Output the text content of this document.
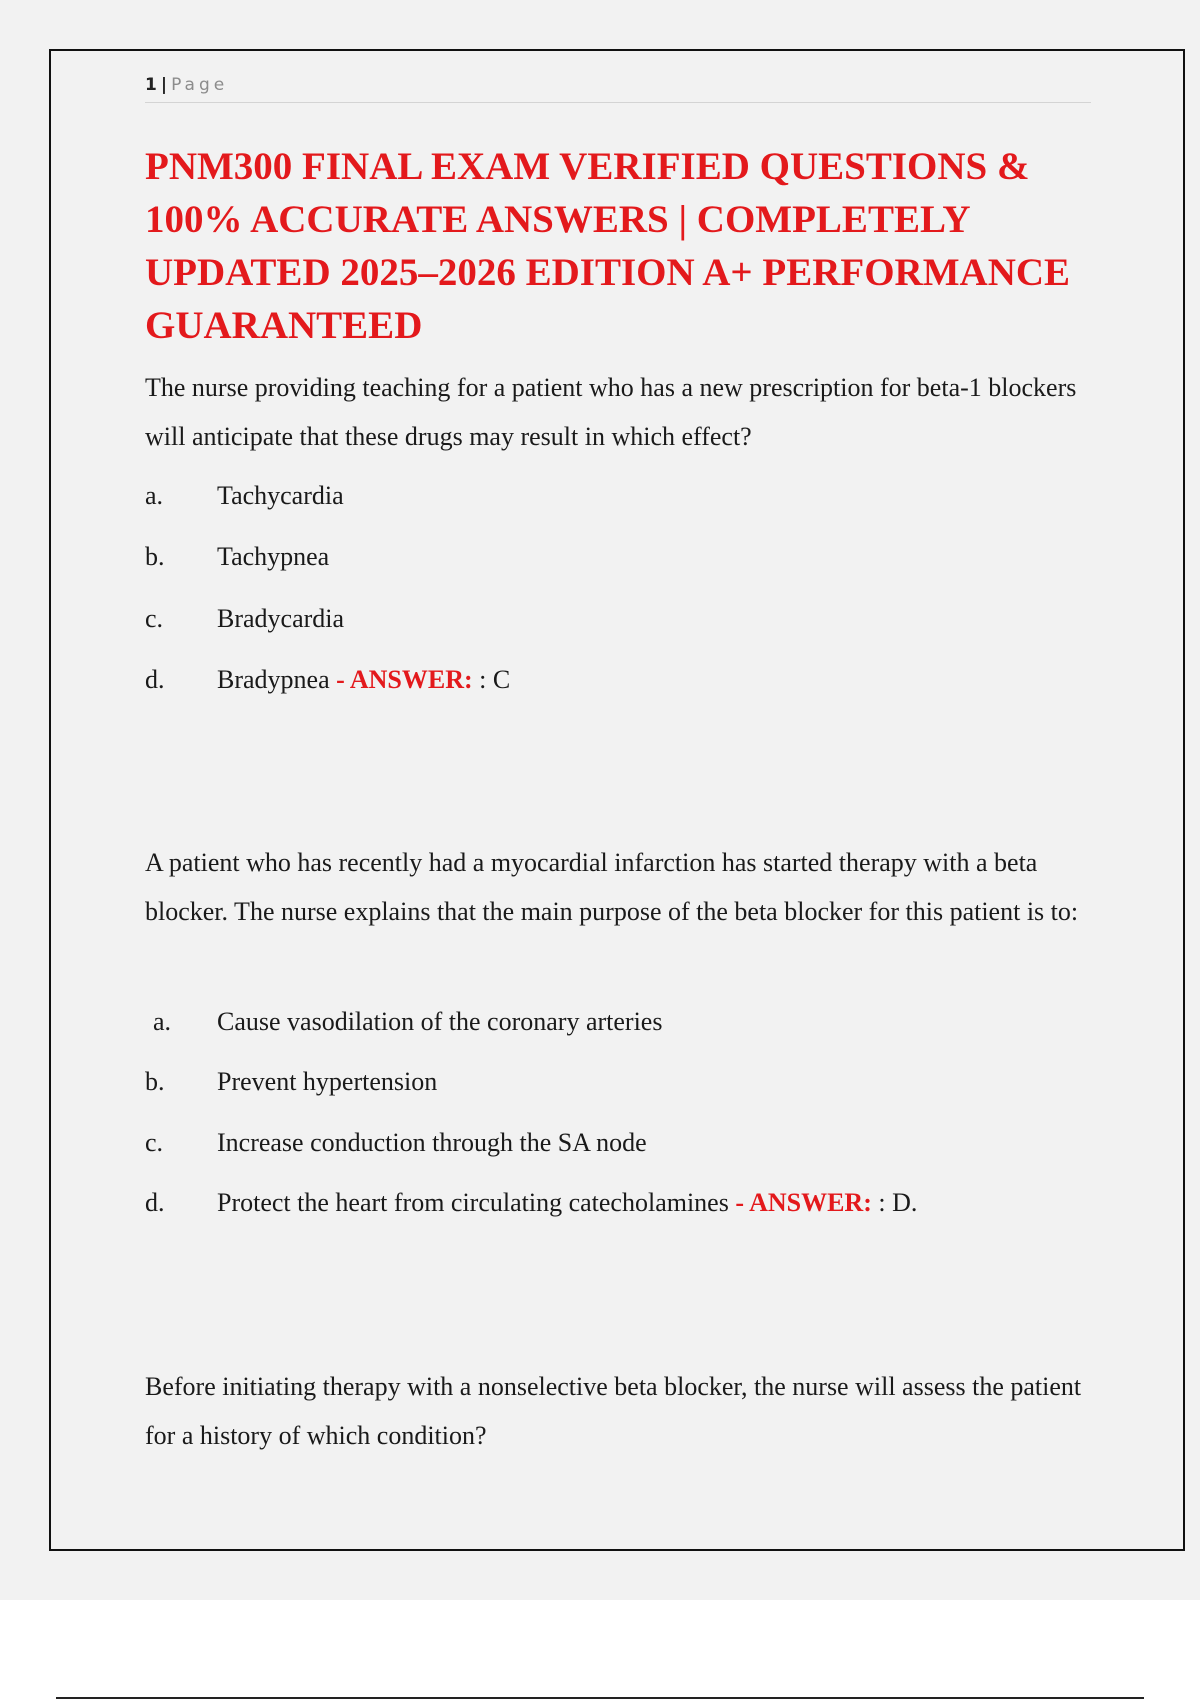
1 | Page
PNM300 FINAL EXAM VERIFIED QUESTIONS & 100% ACCURATE ANSWERS | COMPLETELY UPDATED 2025–2026 EDITION A+ PERFORMANCE GUARANTEED

The nurse providing teaching for a patient who has a new prescription for beta-1 blockers will anticipate that these drugs may result in which effect?

a. Tachycardia
b. Tachypnea
c. Bradycardia
d. Bradypnea - ANSWER: : C

A patient who has recently had a myocardial infarction has started therapy with a beta blocker. The nurse explains that the main purpose of the beta blocker for this patient is to:

a. Cause vasodilation of the coronary arteries
b. Prevent hypertension
c. Increase conduction through the SA node
d. Protect the heart from circulating catecholamines - ANSWER: : D.

Before initiating therapy with a nonselective beta blocker, the nurse will assess the patient for a history of which condition?
